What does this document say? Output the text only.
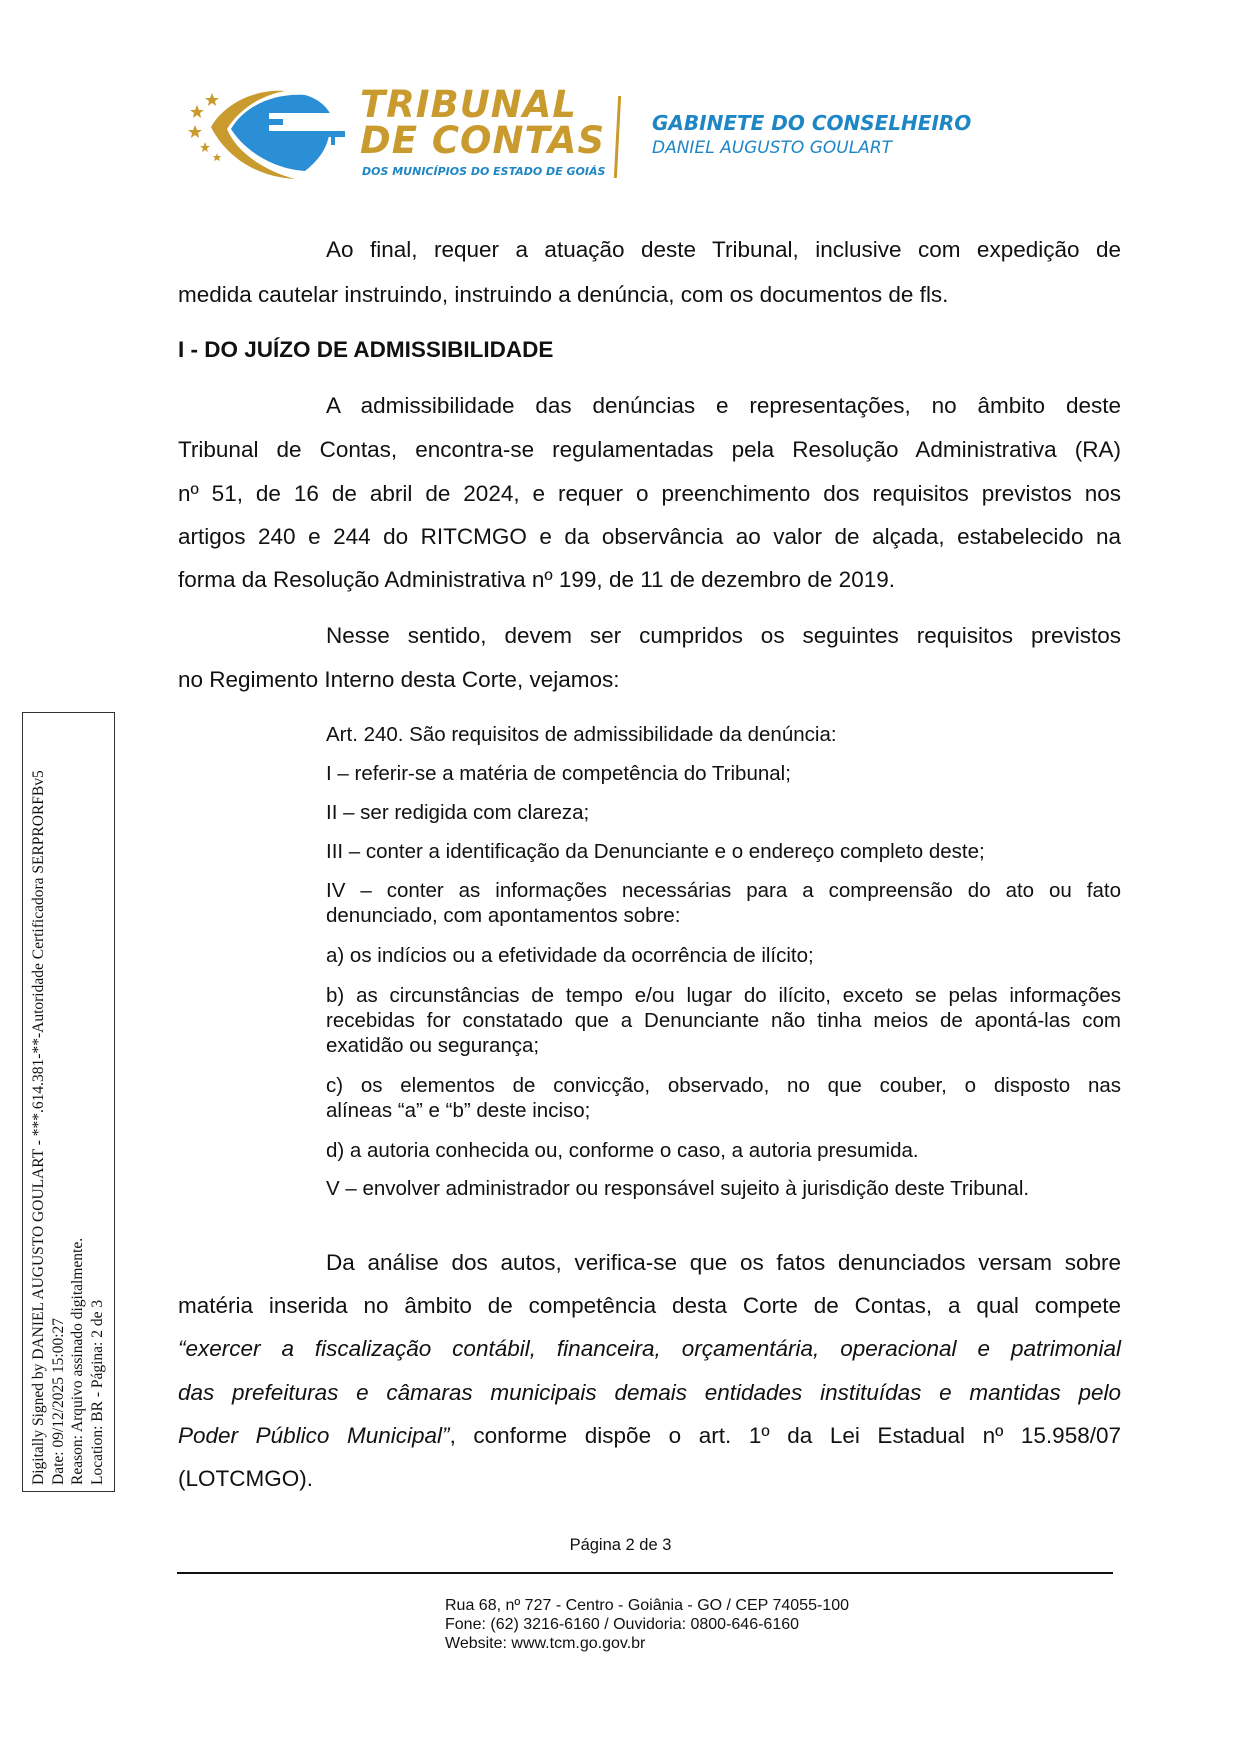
TRIBUNAL
DE CONTAS
DOS MUNICÍPIOS DO ESTADO DE GOIÁS
GABINETE DO CONSELHEIRO
DANIEL AUGUSTO GOULART
Ao final, requer a atuação deste Tribunal, inclusive com expedição de
medida cautelar instruindo, instruindo a denúncia, com os documentos de fls.
I - DO JUÍZO DE ADMISSIBILIDADE
A admissibilidade das denúncias e representações, no âmbito deste
Tribunal de Contas, encontra-se regulamentadas pela Resolução Administrativa (RA)
nº 51, de 16 de abril de 2024, e requer o preenchimento dos requisitos previstos nos
artigos 240 e 244 do RITCMGO e da observância ao valor de alçada, estabelecido na
forma da Resolução Administrativa nº 199, de 11 de dezembro de 2019.
Nesse sentido, devem ser cumpridos os seguintes requisitos previstos
no Regimento Interno desta Corte, vejamos:
Art. 240. São requisitos de admissibilidade da denúncia:
I – referir-se a matéria de competência do Tribunal;
II – ser redigida com clareza;
III – conter a identificação da Denunciante e o endereço completo deste;
IV – conter as informações necessárias para a compreensão do ato ou fato
denunciado, com apontamentos sobre:
a) os indícios ou a efetividade da ocorrência de ilícito;
b) as circunstâncias de tempo e/ou lugar do ilícito, exceto se pelas informações
recebidas for constatado que a Denunciante não tinha meios de apontá-las com
exatidão ou segurança;
c) os elementos de convicção, observado, no que couber, o disposto nas
alíneas “a” e “b” deste inciso;
d) a autoria conhecida ou, conforme o caso, a autoria presumida.
V – envolver administrador ou responsável sujeito à jurisdição deste Tribunal.
Da análise dos autos, verifica-se que os fatos denunciados versam sobre
matéria inserida no âmbito de competência desta Corte de Contas, a qual compete
“exercer a fiscalização contábil, financeira, orçamentária, operacional e patrimonial
das prefeituras e câmaras municipais demais entidades instituídas e mantidas pelo
Poder Público Municipal”, conforme dispõe o art. 1º da Lei Estadual nº 15.958/07
(LOTCMGO).
Página 2 de 3
Rua 68, nº 727 - Centro - Goiânia - GO / CEP 74055-100
Fone: (62) 3216-6160 / Ouvidoria: 0800-646-6160
Website: www.tcm.go.gov.br
Digitally Signed by DANIEL AUGUSTO GOULART - ***.614.381-**-Autoridade Certificadora SERPRORFBv5 Date: 09/12/2025 15:00:27 Reason: Arquivo assinado digitalmente. Location: BR - Página: 2 de 3
